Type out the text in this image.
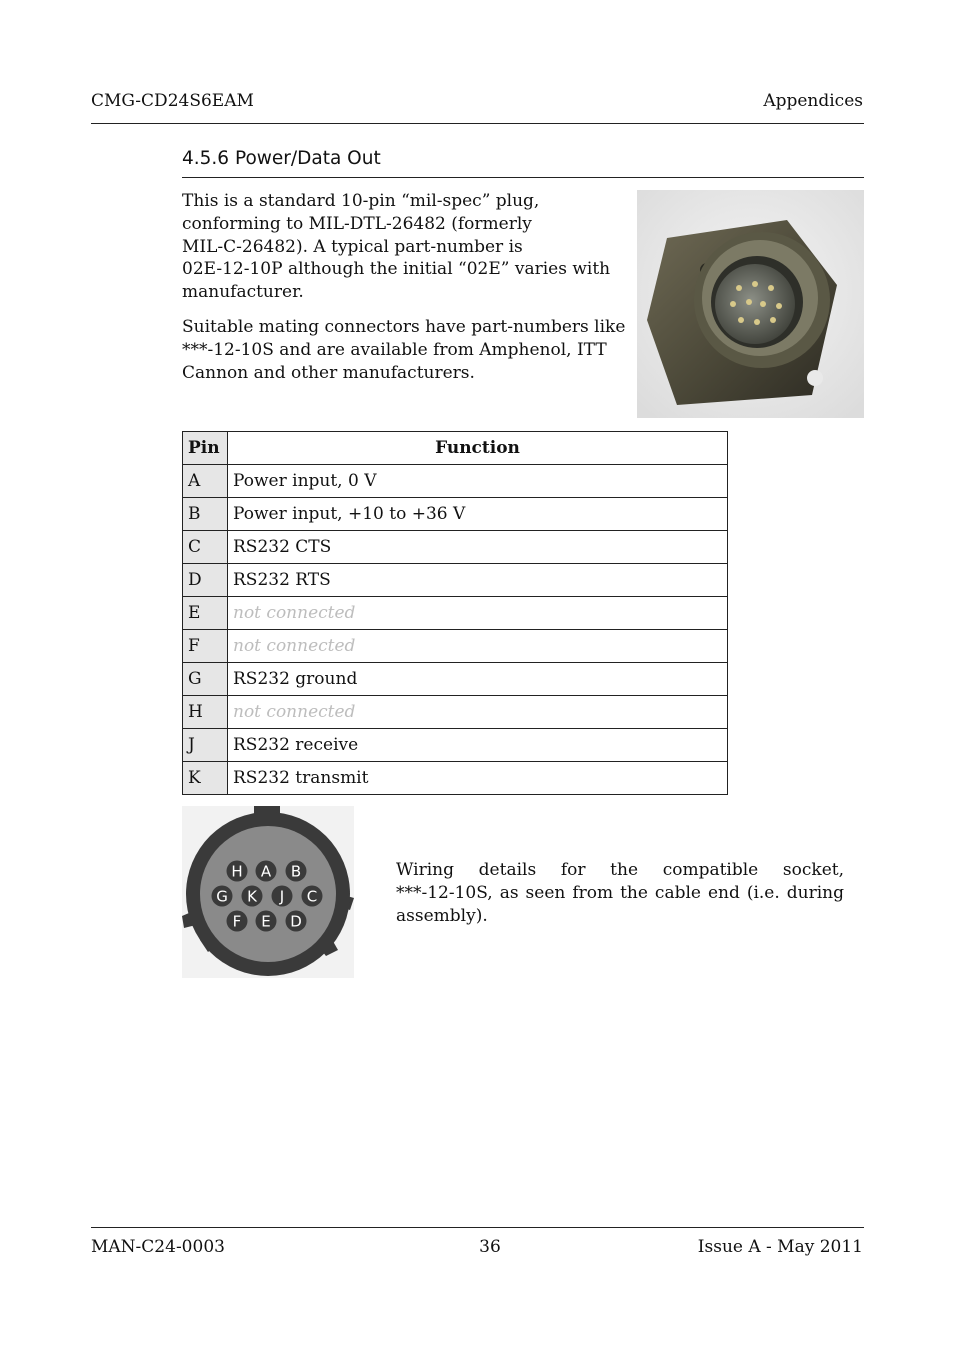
CMG-CD24S6EAM	Appendices
4.5.6 Power/Data Out
This is a standard 10-pin “mil-spec” plug,
conforming to MIL-DTL-26482 (formerly
MIL-C-26482). A typical part-number is
02E-12-10P although the initial “02E” varies with
manufacturer.
Suitable mating connectors have part-numbers like
***-12-10S and are available from Amphenol, ITT
Cannon and other manufacturers.
Pin	Function
A	Power input, 0 V
B	Power input, +10 to +36 V
C	RS232 CTS
D	RS232 RTS
E	not connected
F	not connected
G	RS232 ground
H	not connected
J	RS232 receive
K	RS232 transmit
H A B
G K J C
F E D
Wiring details for the compatible socket,
***-12-10S, as seen from the cable end (i.e. during
assembly).
MAN-C24-0003	36	Issue A - May 2011
